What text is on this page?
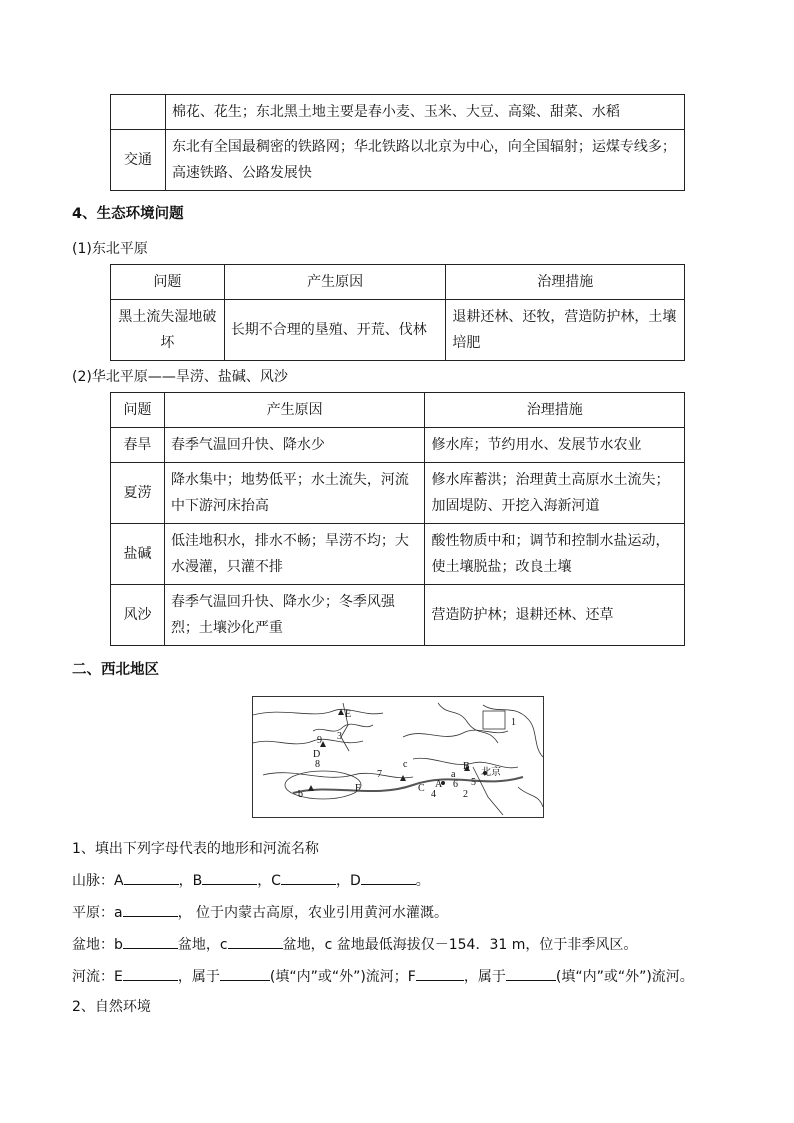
	棉花、花生；东北黑土地主要是春小麦、玉米、大豆、高粱、甜菜、水稻
交通	东北有全国最稠密的铁路网；华北铁路以北京为中心，向全国辐射；运煤专线多；高速铁路、公路发展快
4、生态环境问题
(1)东北平原
问题	产生原因	治理措施
黑土流失湿地破坏	长期不合理的垦殖、开荒、伐林	退耕还林、还牧，营造防护林，土壤培肥
(2)华北平原——旱涝、盐碱、风沙
问题	产生原因	治理措施
春旱	春季气温回升快、降水少	修水库；节约用水、发展节水农业
夏涝	降水集中；地势低平；水土流失，河流中下游河床抬高	修水库蓄洪；治理黄土高原水土流失；加固堤防、开挖入海新河道
盐碱	低洼地积水，排水不畅；旱涝不均；大水漫灌，只灌不排	酸性物质中和；调节和控制水盐运动，使土壤脱盐；改良土壤
风沙	春季气温回升快、降水少；冬季风强烈；土壤沙化严重	营造防护林；退耕还林、还草
二、西北地区
E
D
b
F
a
B
C A
c
北京
9 3
8
7
6 5
4	2
1
1、填出下列字母代表的地形和河流名称
山脉：A	，B	，C	，D	。
平原：a	， 位于内蒙古高原，农业引用黄河水灌溉。
盆地：b	盆地，c	盆地，c 盆地最低海拔仅－154．31 m，位于非季风区。
河流：E	，属于	(填“内”或“外”)流河；F	，属于	(填“内”或“外”)流河。
2、自然环境
